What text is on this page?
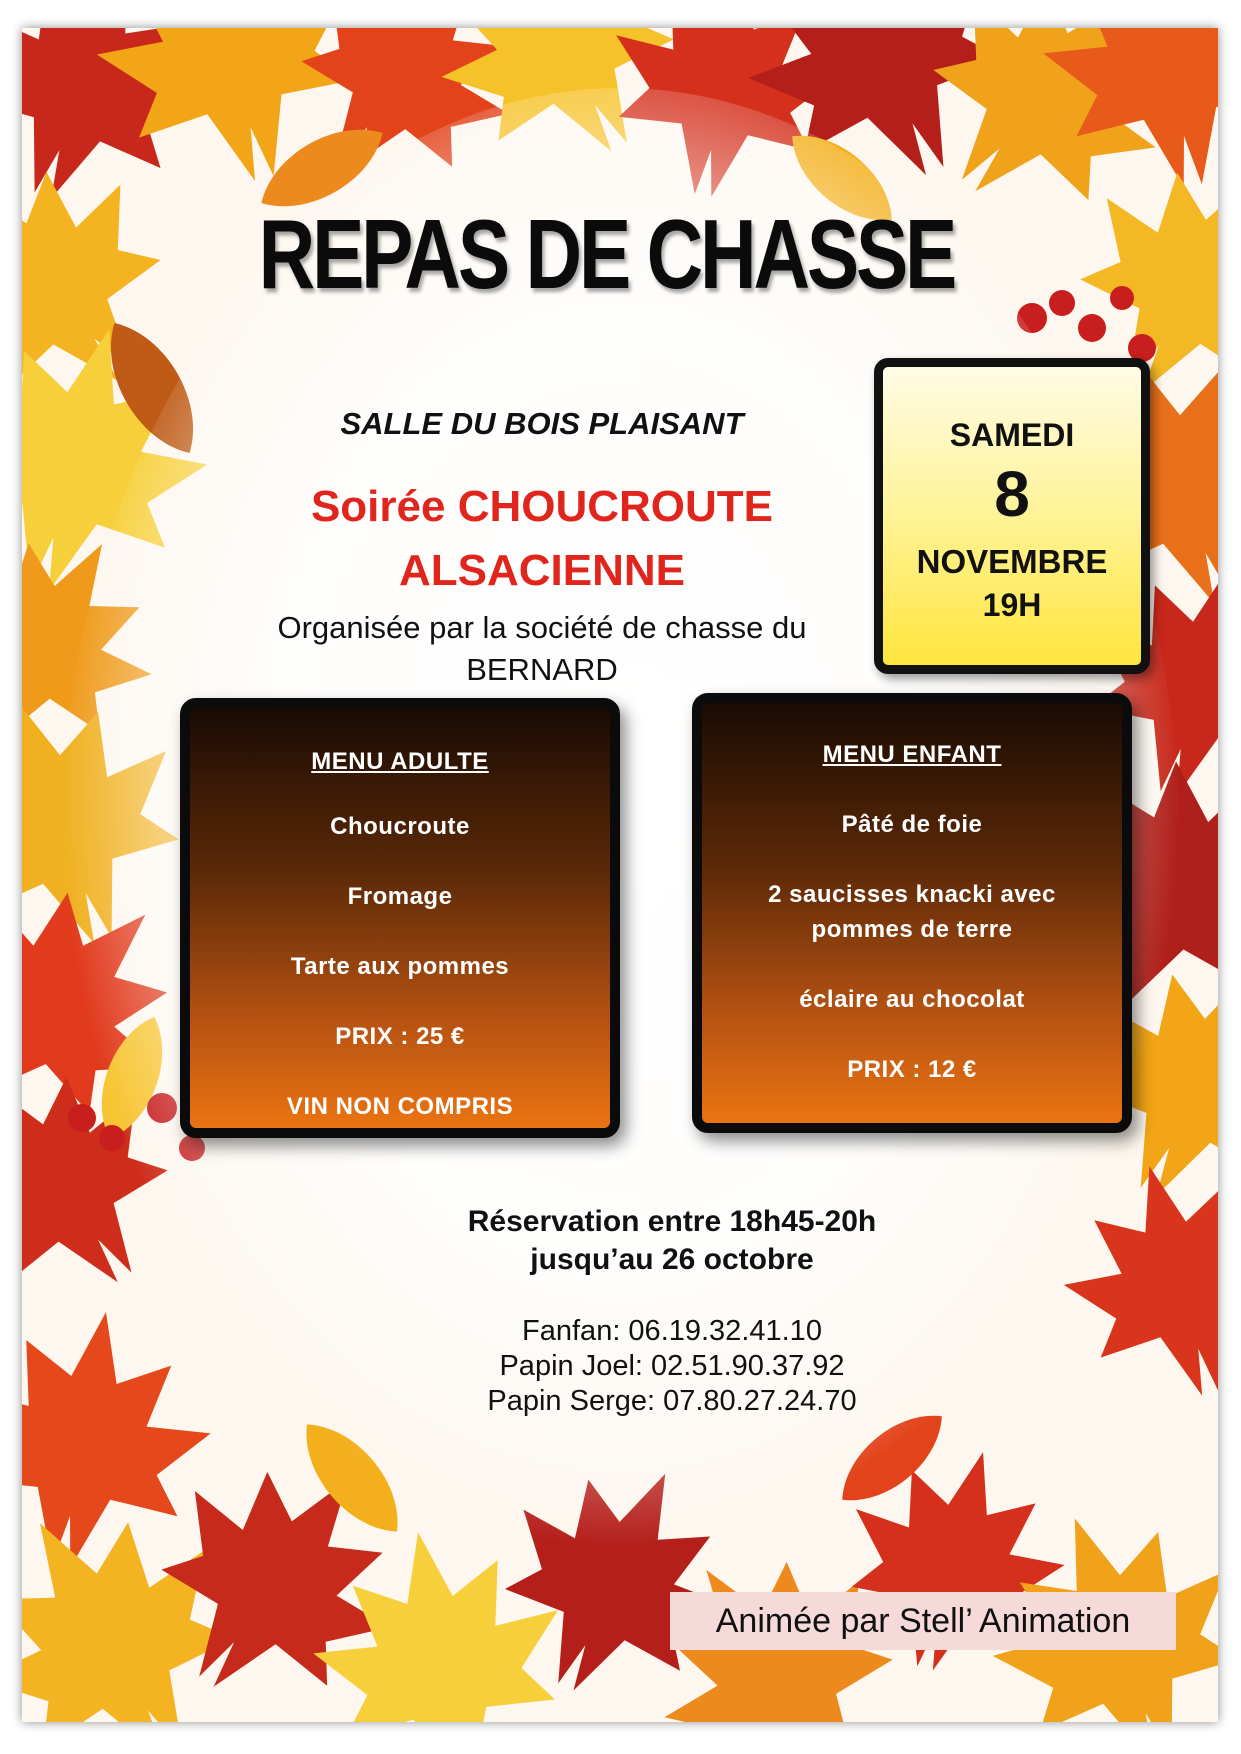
REPAS DE CHASSE
SALLE DU BOIS PLAISANT
Soirée CHOUCROUTE
ALSACIENNE
Organisée par la société de chasse du
BERNARD
SAMEDI
8
NOVEMBRE
19H
MENU ADULTE
Choucroute
Fromage
Tarte aux pommes
PRIX : 25 €
VIN NON COMPRIS
MENU ENFANT
Pâté de foie
2 saucisses knacki avec
pommes de terre
éclaire au chocolat
PRIX : 12 €
Réservation entre 18h45-20h
jusqu’au 26 octobre
Fanfan: 06.19.32.41.10
Papin Joel: 02.51.90.37.92
Papin Serge: 07.80.27.24.70
Animée par Stell’ Animation
